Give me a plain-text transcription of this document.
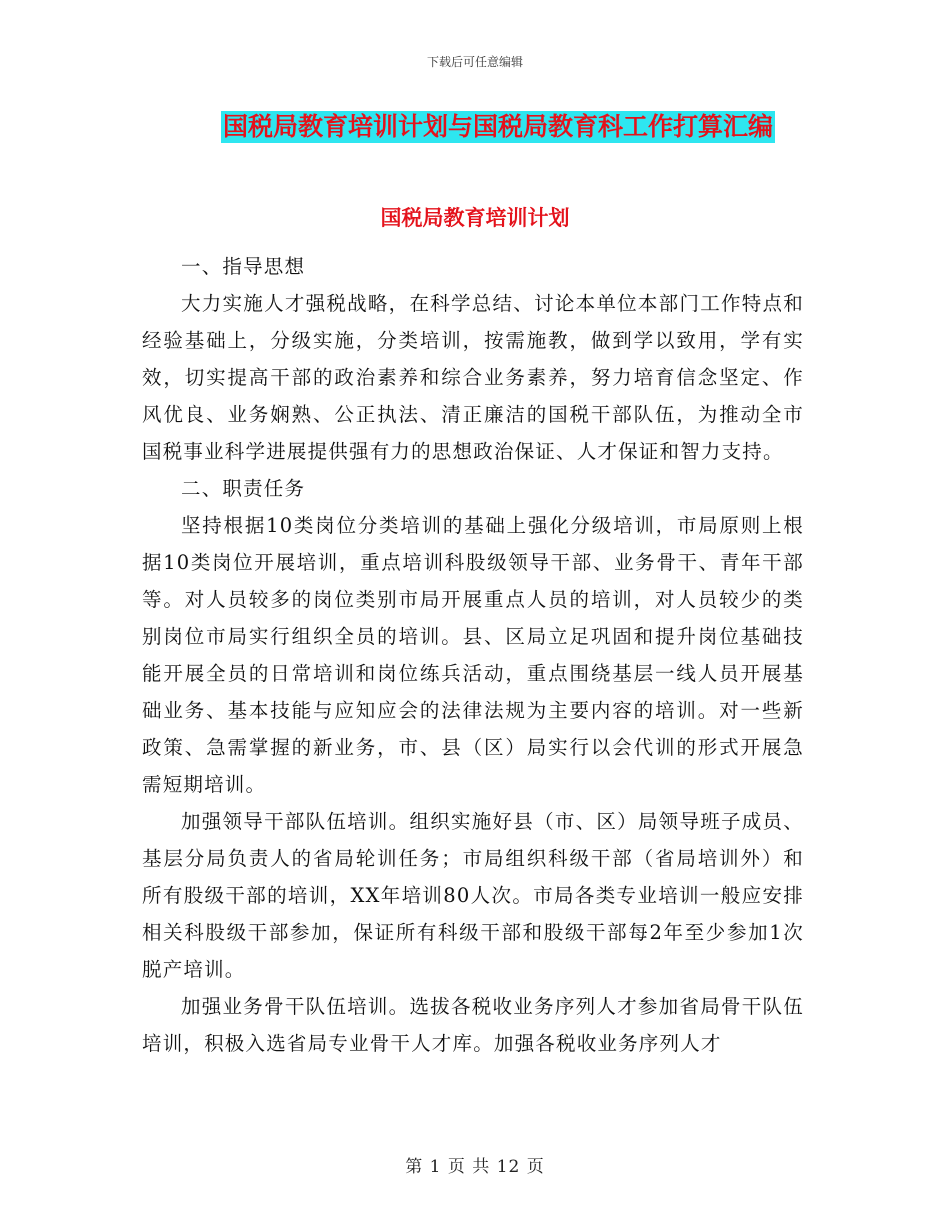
下载后可任意编辑
国税局教育培训计划与国税局教育科工作打算汇编
国税局教育培训计划

一、指导思想

大力实施人才强税战略，在科学总结、讨论本单位本部门工作特点和经验基础上，分级实施，分类培训，按需施教，做到学以致用，学有实效，切实提高干部的政治素养和综合业务素养，努力培育信念坚定、作风优良、业务娴熟、公正执法、清正廉洁的国税干部队伍，为推动全市国税事业科学进展提供强有力的思想政治保证、人才保证和智力支持。

二、职责任务

坚持根据10类岗位分类培训的基础上强化分级培训，市局原则上根据10类岗位开展培训，重点培训科股级领导干部、业务骨干、青年干部等。对人员较多的岗位类别市局开展重点人员的培训，对人员较少的类别岗位市局实行组织全员的培训。县、区局立足巩固和提升岗位基础技能开展全员的日常培训和岗位练兵活动，重点围绕基层一线人员开展基础业务、基本技能与应知应会的法律法规为主要内容的培训。对一些新政策、急需掌握的新业务，市、县（区）局实行以会代训的形式开展急需短期培训。

加强领导干部队伍培训。组织实施好县（市、区）局领导班子成员、基层分局负责人的省局轮训任务；市局组织科级干部（省局培训外）和所有股级干部的培训，XX年培训80人次。市局各类专业培训一般应安排相关科股级干部参加，保证所有科级干部和股级干部每2年至少参加1次脱产培训。

加强业务骨干队伍培训。选拔各税收业务序列人才参加省局骨干队伍培训，积极入选省局专业骨干人才库。加强各税收业务序列人才

第 1 页 共 12 页
